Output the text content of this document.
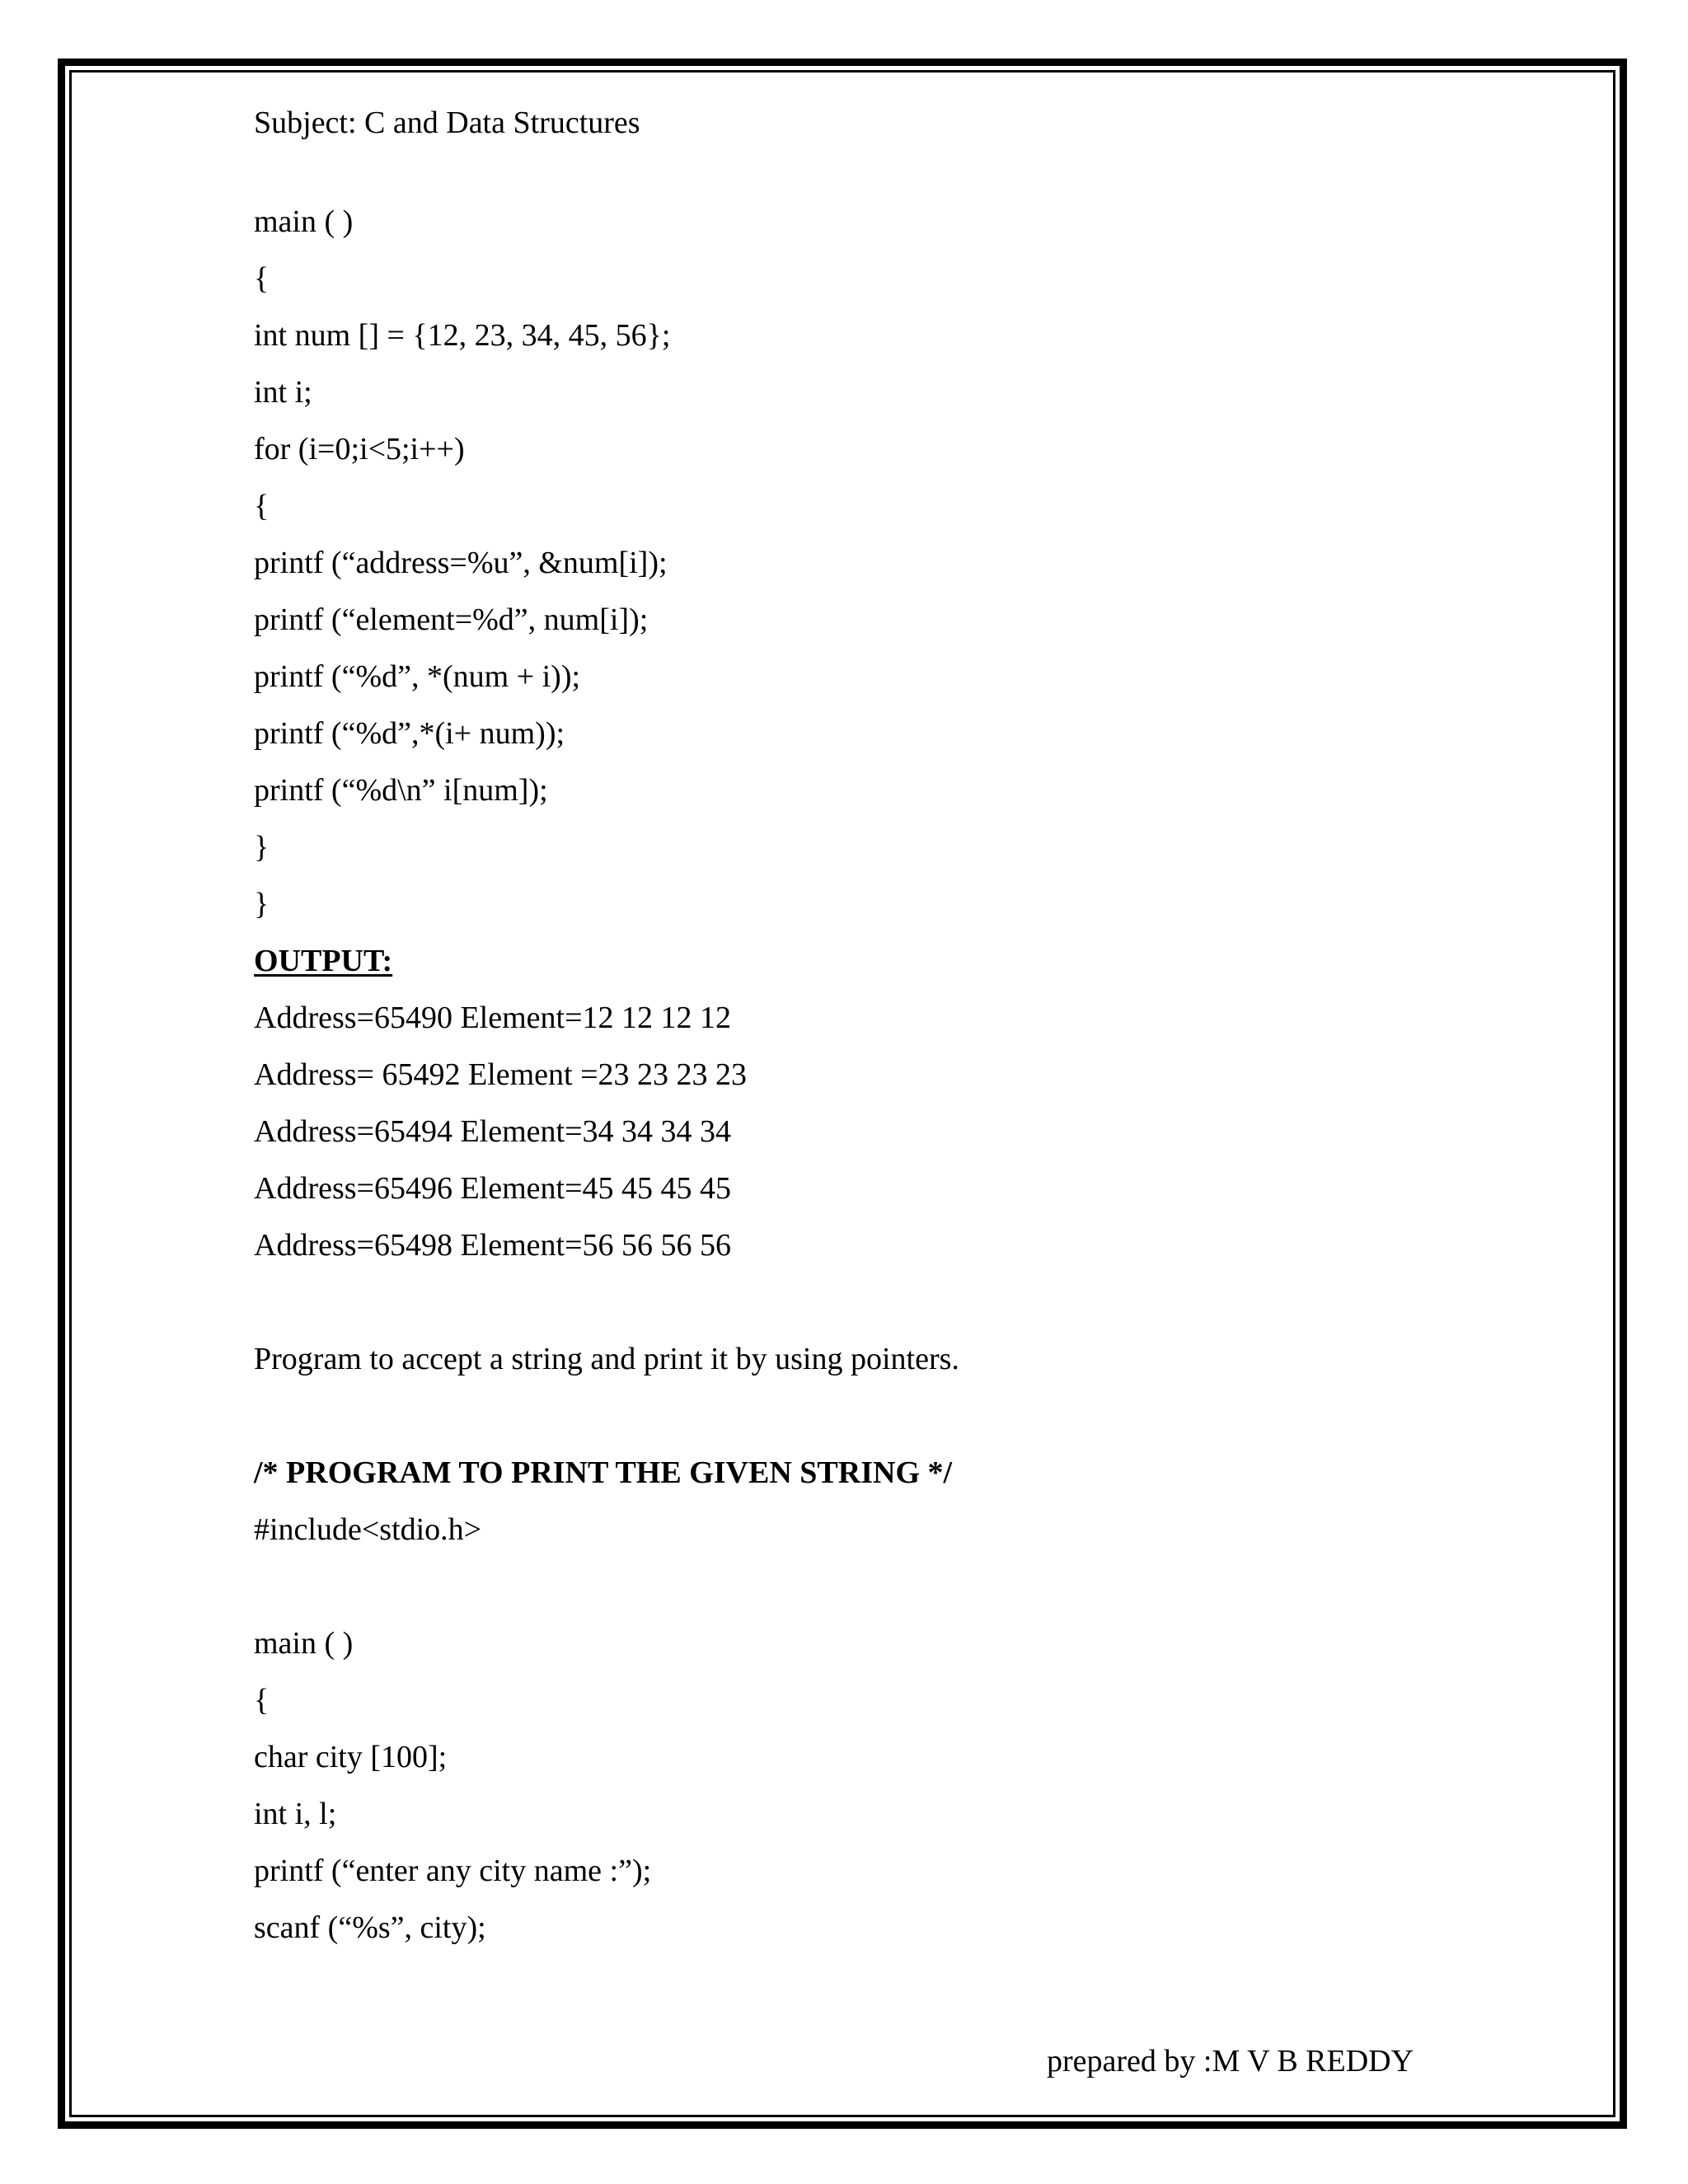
Subject: C and Data Structures
main ( )
{
int num [] = {12, 23, 34, 45, 56};
int i;
for (i=0;i<5;i++)
{
printf (“address=%u”, &num[i]);
printf (“element=%d”, num[i]);
printf (“%d”, *(num + i));
printf (“%d”,*(i+ num));
printf (“%d\n” i[num]);
}
}
OUTPUT:
Address=65490 Element=12 12 12 12
Address= 65492 Element =23 23 23 23
Address=65494 Element=34 34 34 34
Address=65496 Element=45 45 45 45
Address=65498 Element=56 56 56 56
Program to accept a string and print it by using pointers.
/* PROGRAM TO PRINT THE GIVEN STRING */
#include<stdio.h>
main ( )
{
char city [100];
int i, l;
printf (“enter any city name :”);
scanf (“%s”, city);
prepared by :M V B REDDY
